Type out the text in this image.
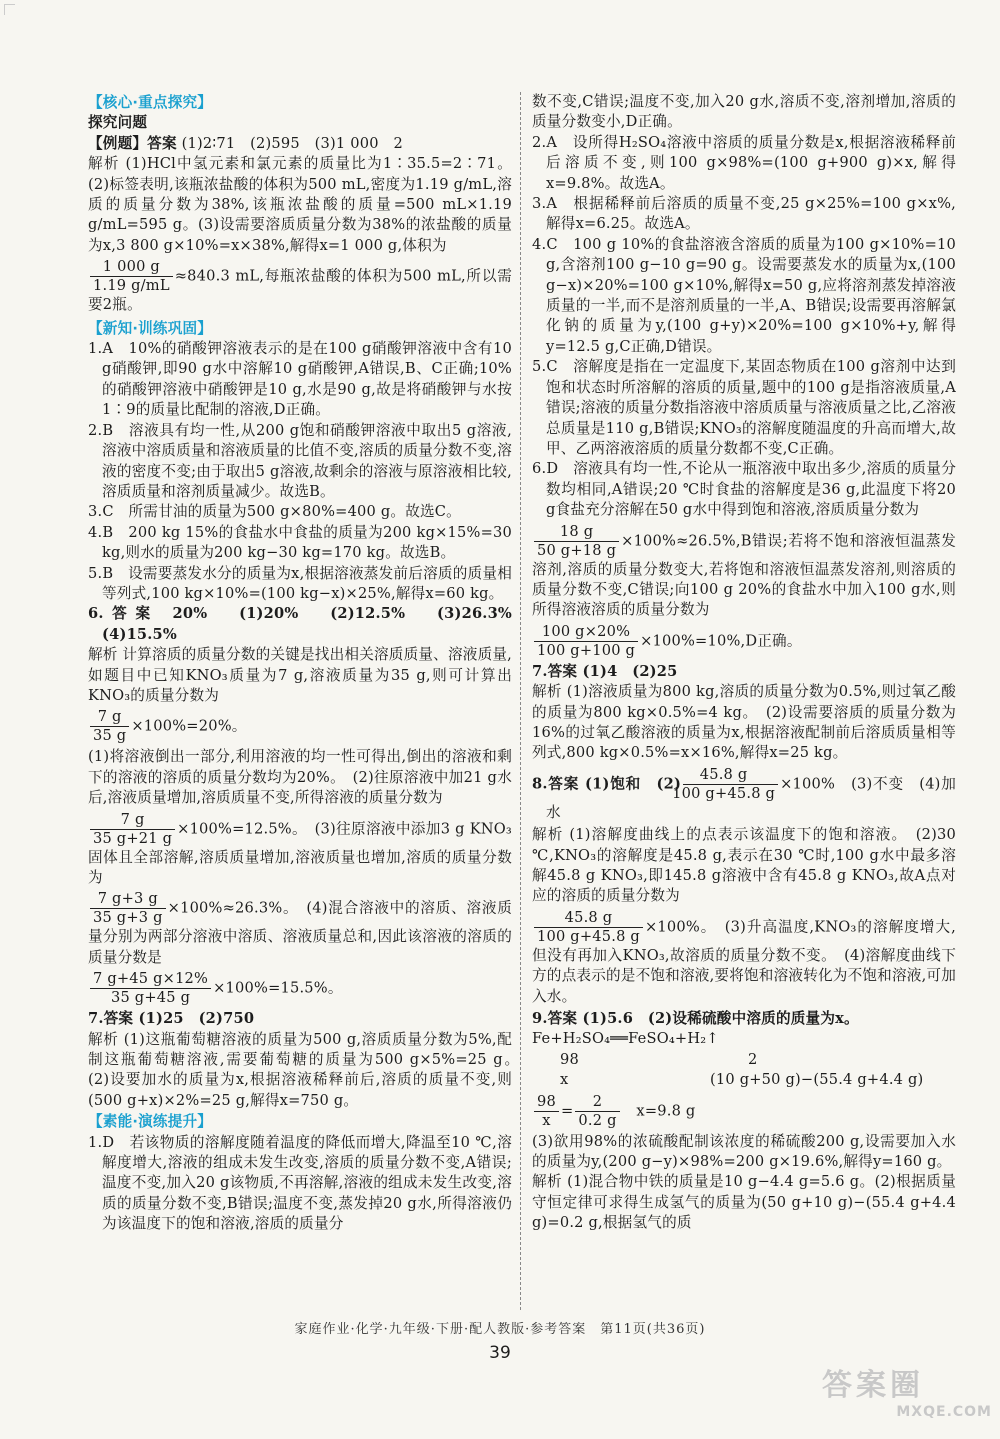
【核心·重点探究】

探究问题

【例题】答案 (1)2∶71　(2)595　(3)1 000　2

解析 (1)HCl中氢元素和氯元素的质量比为1∶35.5=2∶71。(2)标签表明,该瓶浓盐酸的体积为500 mL,密度为1.19 g/mL,溶质的质量分数为38%,该瓶浓盐酸的质量=500 mL×1.19 g/mL=595 g。(3)设需要溶质质量分数为38%的浓盐酸的质量为x,3 800 g×10%=x×38%,解得x=1 000 g,体积为

$\frac{1 000 g}{1.19 g/mL} \approx 840.3$ mL,每瓶浓盐酸的体积为500 mL,所以需要2瓶。

【新知·训练巩固】

1.A　10%的硝酸钾溶液表示的是在100 g硝酸钾溶液中含有10 g硝酸钾,即90 g水中溶解10 g硝酸钾,A错误,B、C正确;10%的硝酸钾溶液中硝酸钾是10 g,水是90 g,故是将硝酸钾与水按1∶9的质量比配制的溶液,D正确。

2.B　溶液具有均一性,从200 g饱和硝酸钾溶液中取出5 g溶液,溶液中溶质质量和溶液质量的比值不变,溶质的质量分数不变,溶液的密度不变;由于取出5 g溶液,故剩余的溶液与原溶液相比较,溶质质量和溶剂质量减少。故选B。

3.C　所需甘油的质量为500 g×80%=400 g。故选C。

4.B　200 kg 15%的食盐水中食盐的质量为200 kg×15%=30 kg,则水的质量为200 kg−30 kg=170 kg。故选B。

5.B　设需要蒸发水分的质量为x,根据溶液蒸发前后溶质的质量相等列式,100 kg×10%=(100 kg−x)×25%,解得x=60 kg。

6.答案 20%　(1)20%　(2)12.5%　(3)26.3%　(4)15.5%

解析 计算溶质的质量分数的关键是找出相关溶质质量、溶液质量,如题目中已知KNO₃质量为7 g,溶液质量为35 g,则可计算出KNO₃的质量分数为

$\frac{7 g}{35 g} \times 100\%=20\%$。

(1)将溶液倒出一部分,利用溶液的均一性可得出,倒出的溶液和剩下的溶液的溶质的质量分数均为20%。　(2)往原溶液中加21 g水后,溶液质量增加,溶质质量不变,所得溶液的质量分数为

$\frac{7 g}{35 g+21 g} \times 100\%=12.5\%$。　(3)往原溶液中添加3 g KNO₃固体且全部溶解,溶质质量增加,溶液质量也增加,溶质的质量分数为

$\frac{7 g+3 g}{35 g+3 g} \times 100\%\approx 26.3\%$。　(4)混合溶液中的溶质、溶液质量分别为两部分溶液中溶质、溶液质量总和,因此该溶液的溶质的质量分数是

$\frac{7 g+45 g\times 12\%}{35 g+45 g} \times 100\%=15.5\%$。

7.答案 (1)25　(2)750

解析 (1)这瓶葡萄糖溶液的质量为500 g,溶质质量分数为5%,配制这瓶葡萄糖溶液,需要葡萄糖的质量为500 g×5%=25 g。　(2)设要加水的质量为x,根据溶液稀释前后,溶质的质量不变,则(500 g+x)×2%=25 g,解得x=750 g。

【素能·演练提升】

1.D　若该物质的溶解度随着温度的降低而增大,降温至10 ℃,溶解度增大,溶液的组成未发生改变,溶质的质量分数不变,A错误;温度不变,加入20 g该物质,不再溶解,溶液的组成未发生改变,溶质的质量分数不变,B错误;温度不变,蒸发掉20 g水,所得溶液仍为该温度下的饱和溶液,溶质的质量分

数不变,C错误;温度不变,加入20 g水,溶质不变,溶剂增加,溶质的质量分数变小,D正确。

2.A　设所得H₂SO₄溶液中溶质的质量分数是x,根据溶液稀释前后溶质不变,则100 g×98%=(100 g+900 g)×x,解得x=9.8%。故选A。

3.A　根据稀释前后溶质的质量不变,25 g×25%=100 g×x%,解得x=6.25。故选A。

4.C　100 g 10%的食盐溶液含溶质的质量为100 g×10%=10 g,含溶剂100 g−10 g=90 g。设需要蒸发水的质量为x,(100 g−x)×20%=100 g×10%,解得x=50 g,应将溶剂蒸发掉溶液质量的一半,而不是溶剂质量的一半,A、B错误;设需要再溶解氯化钠的质量为y,(100 g+y)×20%=100 g×10%+y,解得y=12.5 g,C正确,D错误。

5.C　溶解度是指在一定温度下,某固态物质在100 g溶剂中达到饱和状态时所溶解的溶质的质量,题中的100 g是指溶液质量,A错误;溶液的质量分数指溶液中溶质质量与溶液质量之比,乙溶液总质量是110 g,B错误;KNO₃的溶解度随温度的升高而增大,故甲、乙两溶液溶质的质量分数都不变,C正确。

6.D　溶液具有均一性,不论从一瓶溶液中取出多少,溶质的质量分数均相同,A错误;20 ℃时食盐的溶解度是36 g,此温度下将20 g食盐充分溶解在50 g水中得到饱和溶液,溶质质量分数为

$\frac{18 g}{50 g+18 g} \times 100\%\approx 26.5\%,B$错误;若将不饱和溶液恒温蒸发溶剂,溶质的质量分数变大,若将饱和溶液恒温蒸发溶剂,则溶质的质量分数不变,C错误;向100 g 20%的食盐水中加入100 g水,则所得溶液溶质的质量分数为

$\frac{100 g\times 20\%}{100 g+100 g} \times 100\%=10\%,D$正确。

7.答案 (1)4　(2)25

解析 (1)溶液质量为800 kg,溶质的质量分数为0.5%,则过氧乙酸的质量为800 kg×0.5%=4 kg。　(2)设需要溶质的质量分数为16%的过氧乙酸溶液的质量为x,根据溶液配制前后溶质质量相等列式,800 kg×0.5%=x×16%,解得x=25 kg。

8.答案 (1)饱和　$(2) \frac{45.8 g}{100 g+45.8 g} \times 100\%$　(3)不变　(4)加水

解析 (1)溶解度曲线上的点表示该温度下的饱和溶液。　(2)30 ℃,KNO₃的溶解度是45.8 g,表示在30 ℃时,100 g水中最多溶解45.8 g KNO₃,即145.8 g溶液中含有45.8 g KNO₃,故A点对应的溶质的质量分数为

$\frac{45.8 g}{100 g+45.8 g} \times 100\%$。　(3)升高温度,KNO₃的溶解度增大,但没有再加入KNO₃,故溶质的质量分数不变。　(4)溶解度曲线下方的点表示的是不饱和溶液,要将饱和溶液转化为不饱和溶液,可加入水。

9.答案 (1)5.6　(2)设稀硫酸中溶质的质量为x。

Fe+H₂SO₄══FeSO₄+H₂↑

98	2

x	(10 g+50 g)−(55.4 g+4.4 g)

$\frac{98}{x} = \frac{2}{0.2 g}$
　 x=9.8 g

(3)欲用98%的浓硫酸配制该浓度的稀硫酸200 g,设需要加入水的质量为y,(200 g−y)×98%=200 g×19.6%,解得y=160 g。

解析 (1)混合物中铁的质量是10 g−4.4 g=5.6 g。(2)根据质量守恒定律可求得生成氢气的质量为(50 g+10 g)−(55.4 g+4.4 g)=0.2 g,根据氢气的质

家庭作业·化学·九年级·下册·配人教版·参考答案　第11页(共36页)
39
答案圈
MXQE.COM
